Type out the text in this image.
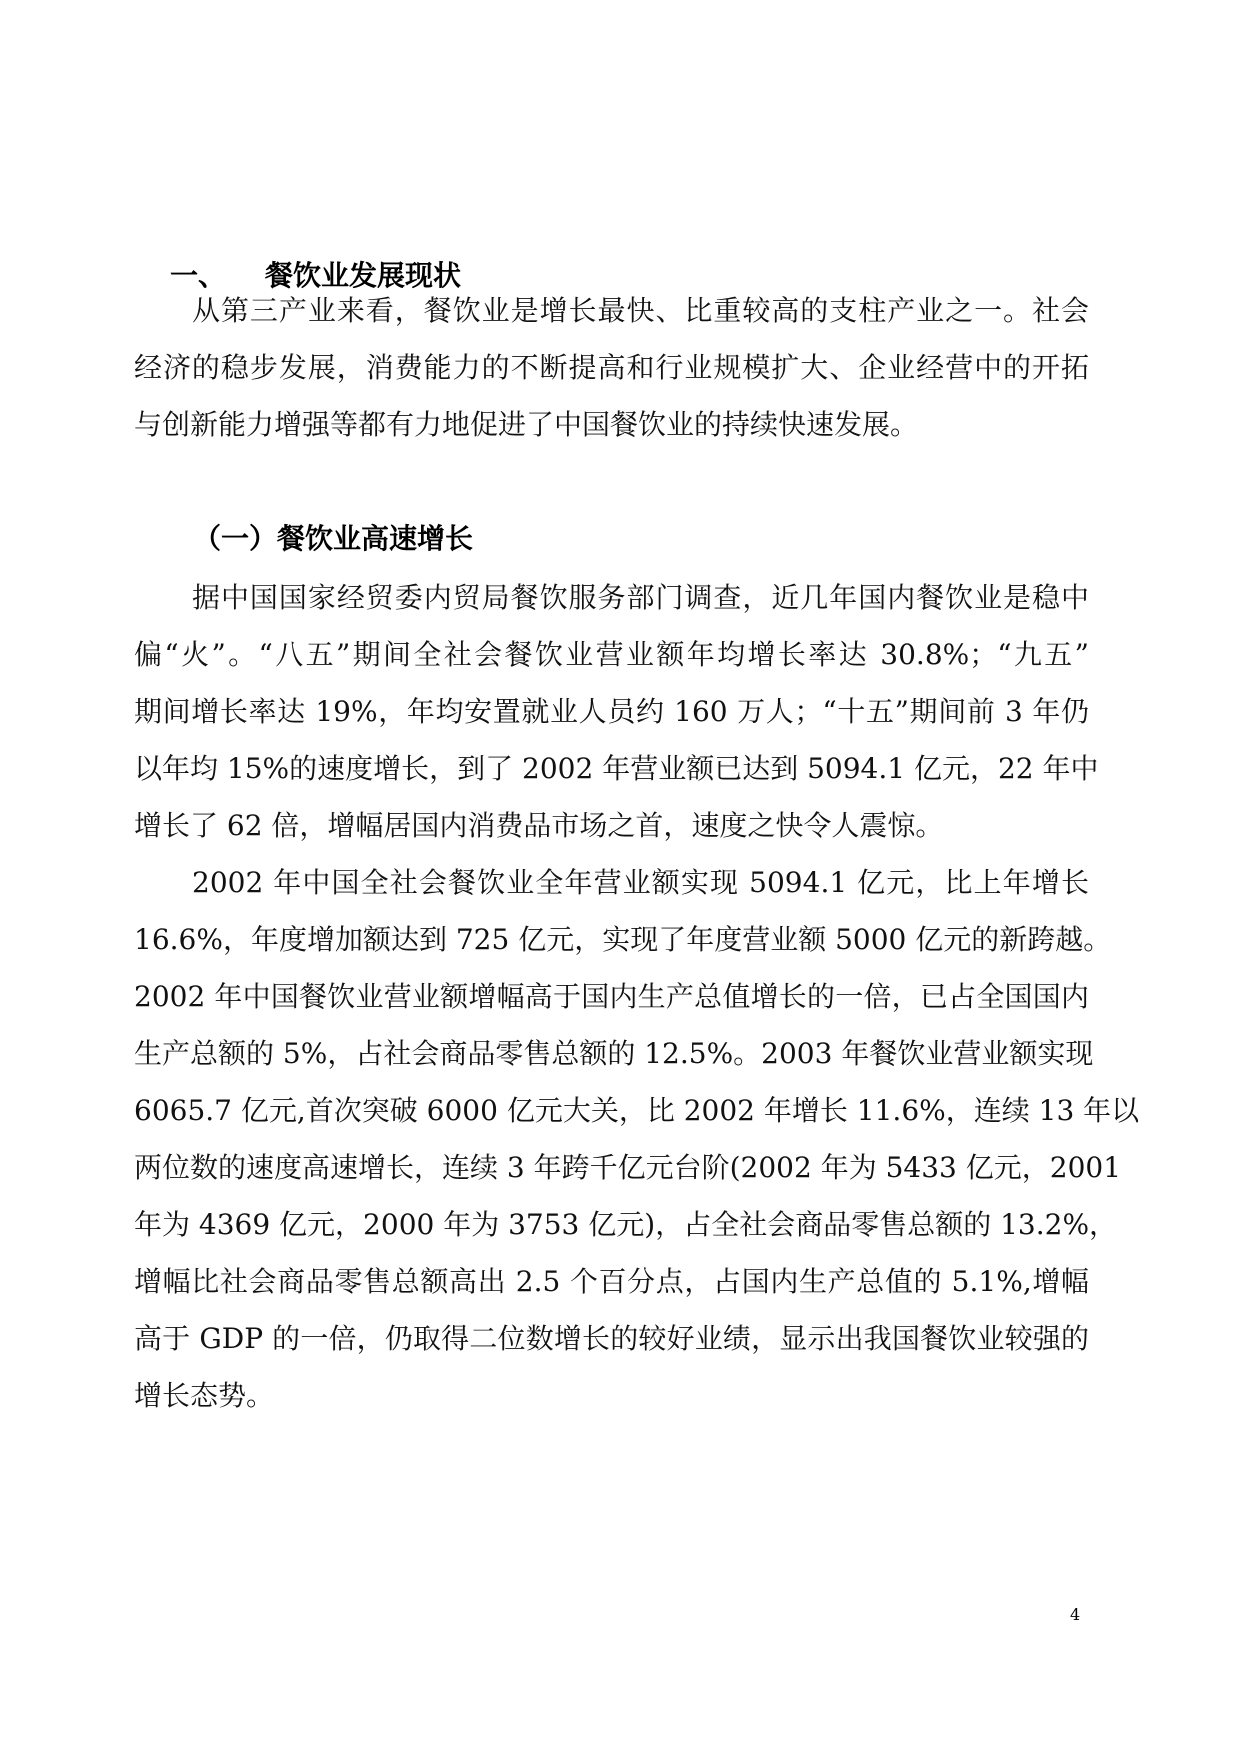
一、 餐饮业发展现状
从第三产业来看，餐饮业是增长最快、比重较高的支柱产业之一。社会
经济的稳步发展，消费能力的不断提高和行业规模扩大、企业经营中的开拓
与创新能力增强等都有力地促进了中国餐饮业的持续快速发展。
（一）餐饮业高速增长
据中国国家经贸委内贸局餐饮服务部门调查，近几年国内餐饮业是稳中
偏“火”。“八五”期间全社会餐饮业营业额年均增长率达 30.8%；“九五”
期间增长率达 19%，年均安置就业人员约 160 万人；“十五”期间前 3 年仍
以年均 15%的速度增长，到了 2002 年营业额已达到 5094.1 亿元，22 年中
增长了 62 倍，增幅居国内消费品市场之首，速度之快令人震惊。
2002 年中国全社会餐饮业全年营业额实现 5094.1 亿元，比上年增长
16.6%，年度增加额达到 725 亿元，实现了年度营业额 5000 亿元的新跨越。
2002 年中国餐饮业营业额增幅高于国内生产总值增长的一倍，已占全国国内
生产总额的 5%，占社会商品零售总额的 12.5%。2003 年餐饮业营业额实现
6065.7 亿元,首次突破 6000 亿元大关，比 2002 年增长 11.6%，连续 13 年以
两位数的速度高速增长，连续 3 年跨千亿元台阶(2002 年为 5433 亿元，2001
年为 4369 亿元，2000 年为 3753 亿元)，占全社会商品零售总额的 13.2%，
增幅比社会商品零售总额高出 2.5 个百分点，占国内生产总值的 5.1%,增幅
高于 GDP 的一倍，仍取得二位数增长的较好业绩，显示出我国餐饮业较强的
增长态势。
4
